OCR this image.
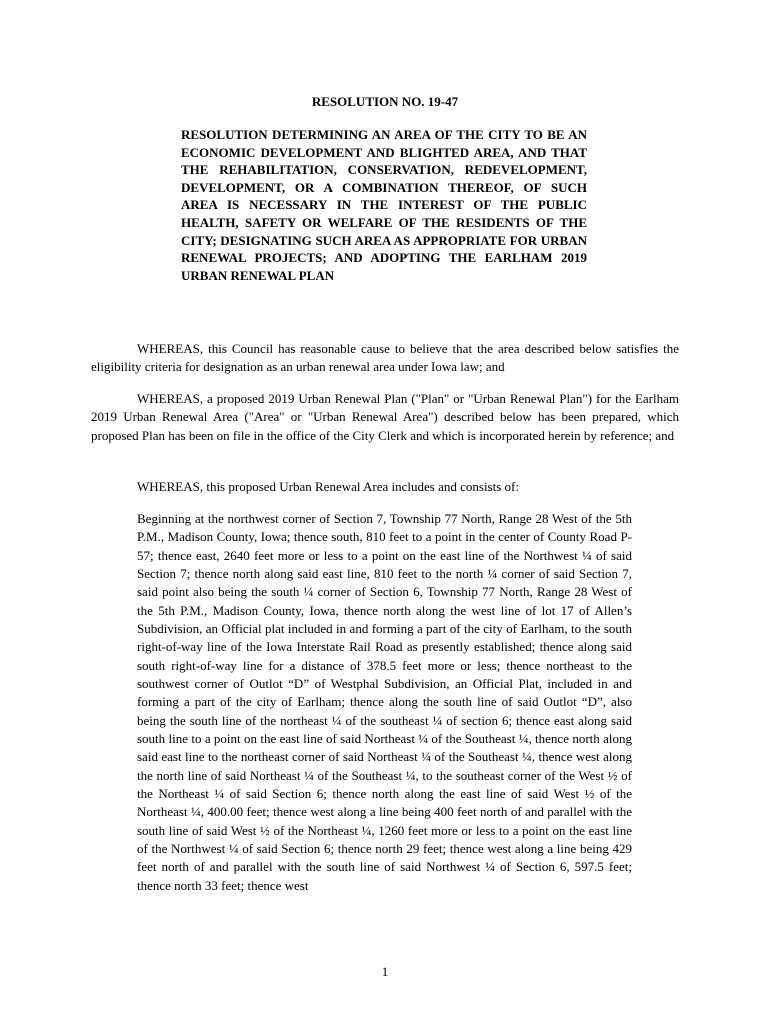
RESOLUTION NO. 19-47

RESOLUTION DETERMINING AN AREA OF THE CITY TO BE AN ECONOMIC DEVELOPMENT AND BLIGHTED AREA, AND THAT THE REHABILITATION, CONSERVATION, REDEVELOPMENT, DEVELOPMENT, OR A COMBINATION THEREOF, OF SUCH AREA IS NECESSARY IN THE INTEREST OF THE PUBLIC HEALTH, SAFETY OR WELFARE OF THE RESIDENTS OF THE CITY; DESIGNATING SUCH AREA AS APPROPRIATE FOR URBAN RENEWAL PROJECTS; AND ADOPTING THE EARLHAM 2019 URBAN RENEWAL PLAN

WHEREAS, this Council has reasonable cause to believe that the area described below satisfies the eligibility criteria for designation as an urban renewal area under Iowa law; and

WHEREAS, a proposed 2019 Urban Renewal Plan ("Plan" or "Urban Renewal Plan") for the Earlham 2019 Urban Renewal Area ("Area" or "Urban Renewal Area") described below has been prepared, which proposed Plan has been on file in the office of the City Clerk and which is incorporated herein by reference; and

WHEREAS, this proposed Urban Renewal Area includes and consists of:

Beginning at the northwest corner of Section 7, Township 77 North, Range 28 West of the 5th P.M., Madison County, Iowa; thence south, 810 feet to a point in the center of County Road P-57; thence east, 2640 feet more or less to a point on the east line of the Northwest ¼ of said Section 7; thence north along said east line, 810 feet to the north ¼ corner of said Section 7, said point also being the south ¼ corner of Section 6, Township 77 North, Range 28 West of the 5th P.M., Madison County, Iowa, thence north along the west line of lot 17 of Allen’s Subdivision, an Official plat included in and forming a part of the city of Earlham, to the south right-of-way line of the Iowa Interstate Rail Road as presently established; thence along said south right-of-way line for a distance of 378.5 feet more or less; thence northeast to the southwest corner of Outlot “D” of Westphal Subdivision, an Official Plat, included in and forming a part of the city of Earlham; thence along the south line of said Outlot “D”, also being the south line of the northeast ¼ of the southeast ¼ of section 6; thence east along said south line to a point on the east line of said Northeast ¼ of the Southeast ¼, thence north along said east line to the northeast corner of said Northeast ¼ of the Southeast ¼, thence west along the north line of said Northeast ¼ of the Southeast ¼, to the southeast corner of the West ½ of the Northeast ¼ of said Section 6; thence north along the east line of said West ½ of the Northeast ¼, 400.00 feet; thence west along a line being 400 feet north of and parallel with the south line of said West ½ of the Northeast ¼, 1260 feet more or less to a point on the east line of the Northwest ¼ of said Section 6; thence north 29 feet; thence west along a line being 429 feet north of and parallel with the south line of said Northwest ¼ of Section 6, 597.5 feet; thence north 33 feet; thence west

1
